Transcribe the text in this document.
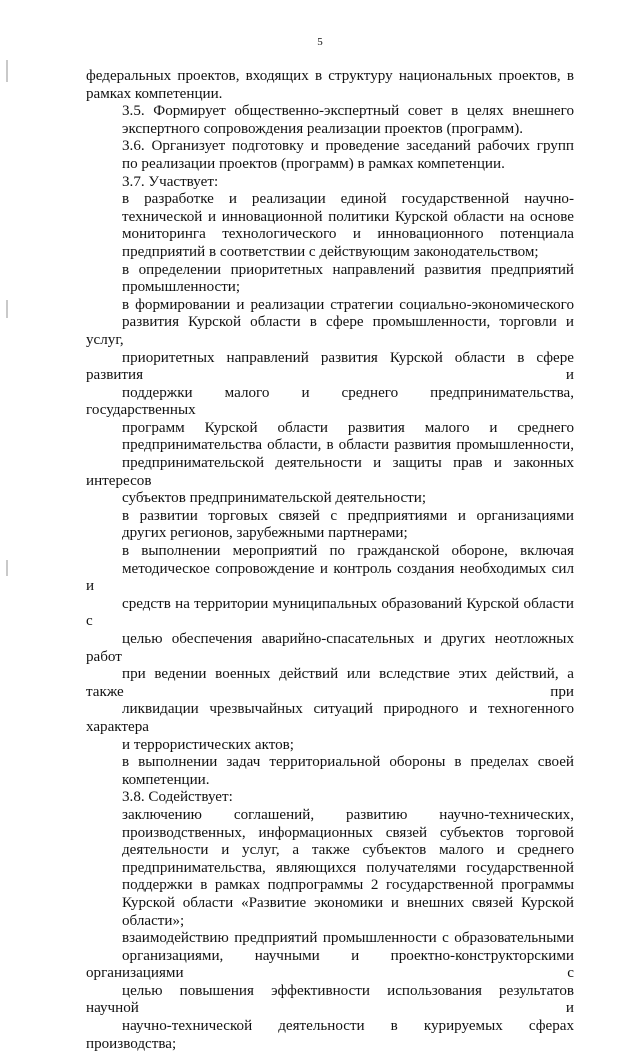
5
федеральных проектов, входящих в структуру национальных проектов, в
рамках компетенции.
3.5. Формирует общественно-экспертный совет в целях внешнего
экспертного сопровождения реализации проектов (программ).
3.6. Организует подготовку и проведение заседаний рабочих групп
по реализации проектов (программ) в рамках компетенции.
3.7. Участвует:
в разработке и реализации единой государственной научно-
технической и инновационной политики Курской области на основе
мониторинга технологического и инновационного потенциала
предприятий в соответствии с действующим законодательством;
в определении приоритетных направлений развития предприятий
промышленности;
в формировании и реализации стратегии социально-экономического
развития Курской области в сфере промышленности, торговли и услуг,
приоритетных направлений развития Курской области в сфере развития и
поддержки малого и среднего предпринимательства, государственных
программ Курской области развития малого и среднего
предпринимательства области, в области развития промышленности,
предпринимательской деятельности и защиты прав и законных интересов
субъектов предпринимательской деятельности;
в развитии торговых связей с предприятиями и организациями
других регионов, зарубежными партнерами;
в выполнении мероприятий по гражданской обороне, включая
методическое сопровождение и контроль создания необходимых сил и
средств на территории муниципальных образований Курской области с
целью обеспечения аварийно-спасательных и других неотложных работ
при ведении военных действий или вследствие этих действий, а также при
ликвидации чрезвычайных ситуаций природного и техногенного характера
и террористических актов;
в выполнении задач территориальной обороны в пределах своей
компетенции.
3.8. Содействует:
заключению соглашений, развитию научно-технических,
производственных, информационных связей субъектов торговой
деятельности и услуг, а также субъектов малого и среднего
предпринимательства, являющихся получателями государственной
поддержки в рамках подпрограммы 2 государственной программы
Курской области «Развитие экономики и внешних связей Курской
области»;
взаимодействию предприятий промышленности с образовательными
организациями, научными и проектно-конструкторскими организациями с
целью повышения эффективности использования результатов научной и
научно-технической деятельности в курируемых сферах производства;
